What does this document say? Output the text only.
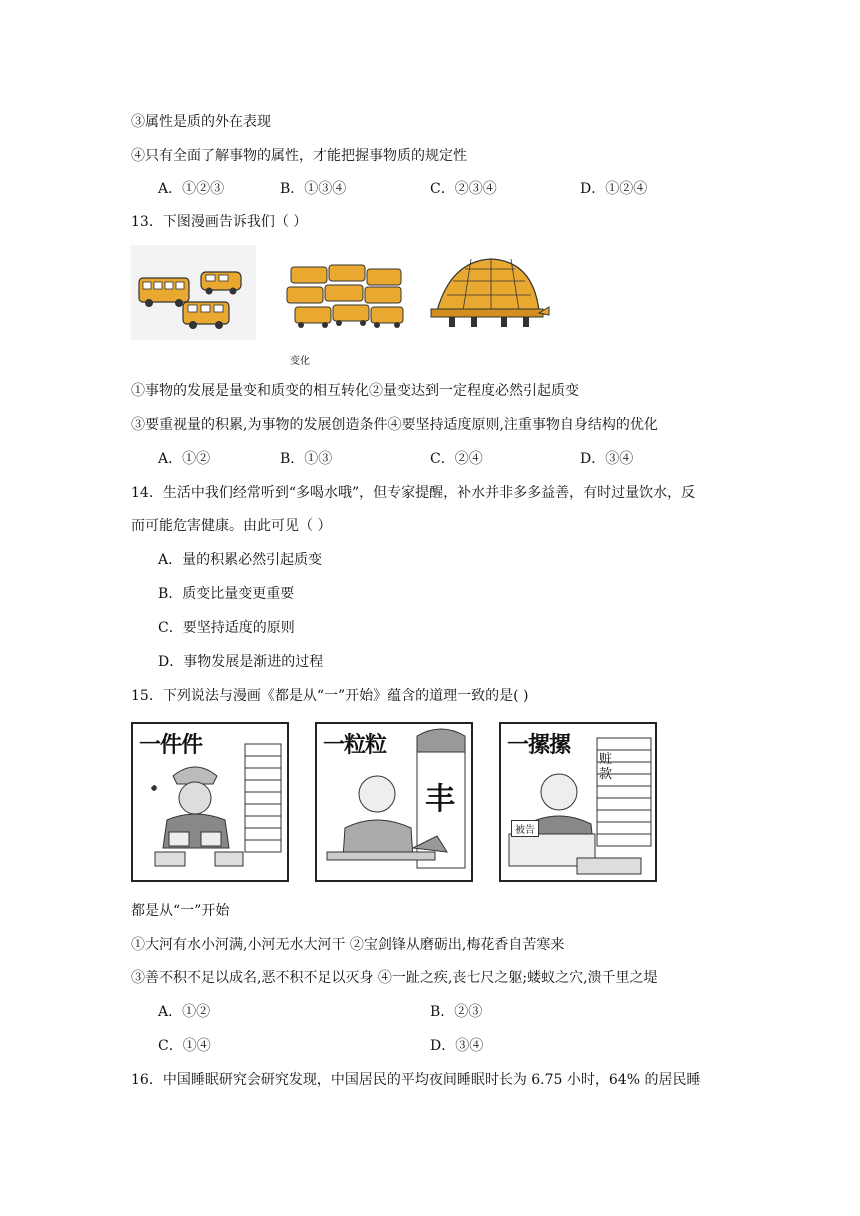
③属性是质的外在表现
④只有全面了解事物的属性，才能把握事物质的规定性
A．①②③	B．①③④	C．②③④	D．①②④
13．下图漫画告诉我们（ ）
变化
①事物的发展是量变和质变的相互转化②量变达到一定程度必然引起质变
③要重视量的积累,为事物的发展创造条件④要坚持适度原则,注重事物自身结构的优化
A．①②	B．①③	C．②④	D．③④
14．生活中我们经常听到“多喝水哦”，但专家提醒，补水并非多多益善，有时过量饮水，反
而可能危害健康。由此可见（ ）
A．量的积累必然引起质变
B．质变比量变更重要
C．要坚持适度的原则
D．事物发展是渐进的过程
15．下列说法与漫画《都是从“一”开始》蕴含的道理一致的是( )
一件件	一粒粒
丰
一摞摞
赃款
被告
都是从“一”开始
①大河有水小河满,小河无水大河干 ②宝剑锋从磨砺出,梅花香自苦寒来
③善不积不足以成名,恶不积不足以灭身 ④一趾之疾,丧七尺之躯;蝼蚁之穴,溃千里之堤
A．①②	B．②③
C．①④	D．③④
16．中国睡眠研究会研究发现，中国居民的平均夜间睡眠时长为 6.75 小时，64% 的居民睡
